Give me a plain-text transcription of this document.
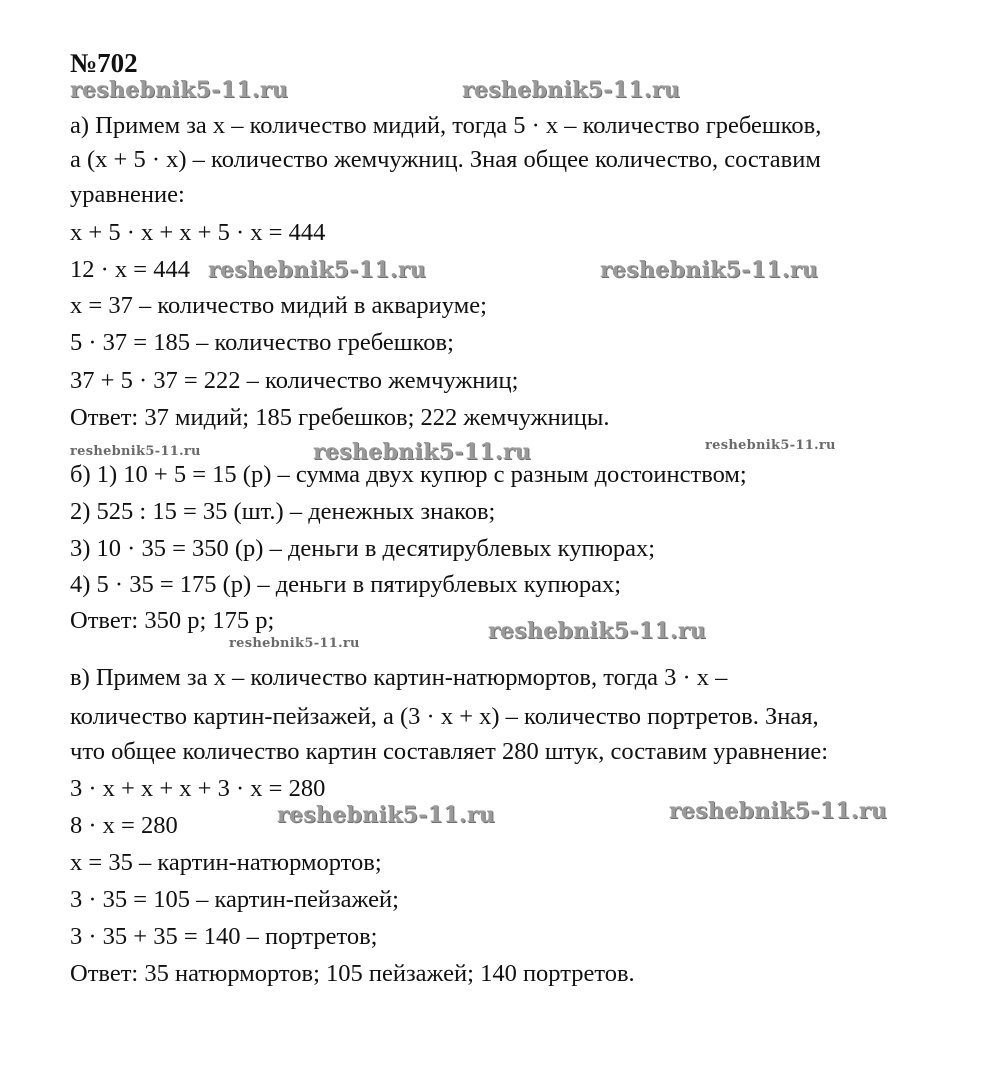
№702
а) Примем за х – количество мидий, тогда 5 · х – количество гребешков,
а (х + 5 · х) – количество жемчужниц. Зная общее количество, составим
уравнение:
х + 5 · х + х + 5 · х = 444
12 · х = 444
х = 37 – количество мидий в аквариуме;
5 · 37 = 185 – количество гребешков;
37 + 5 · 37 = 222 – количество жемчужниц;
Ответ: 37 мидий; 185 гребешков; 222 жемчужницы.
б) 1) 10 + 5 = 15 (р) – сумма двух купюр с разным достоинством;
2) 525 : 15 = 35 (шт.) – денежных знаков;
3) 10 · 35 = 350 (р) – деньги в десятирублевых купюрах;
4) 5 · 35 = 175 (р) – деньги в пятирублевых купюрах;
Ответ: 350 р; 175 р;
в) Примем за х – количество картин-натюрмортов, тогда 3 · х –
количество картин-пейзажей, а (3 · х + х) – количество портретов. Зная,
что общее количество картин составляет 280 штук, составим уравнение:
3 · х + х + х + 3 · х = 280
8 · х = 280
х = 35 – картин-натюрмортов;
3 · 35 = 105 – картин-пейзажей;
3 · 35 + 35 = 140 – портретов;
Ответ: 35 натюрмортов; 105 пейзажей; 140 портретов.
reshebnik5-11.ru	reshebnik5-11.ru
reshebnik5-11.ru	reshebnik5-11.ru
reshebnik5-11.ru	reshebnik5-11.ru	reshebnik5-11.ru
reshebnik5-11.ru	reshebnik5-11.ru
reshebnik5-11.ru	reshebnik5-11.ru
